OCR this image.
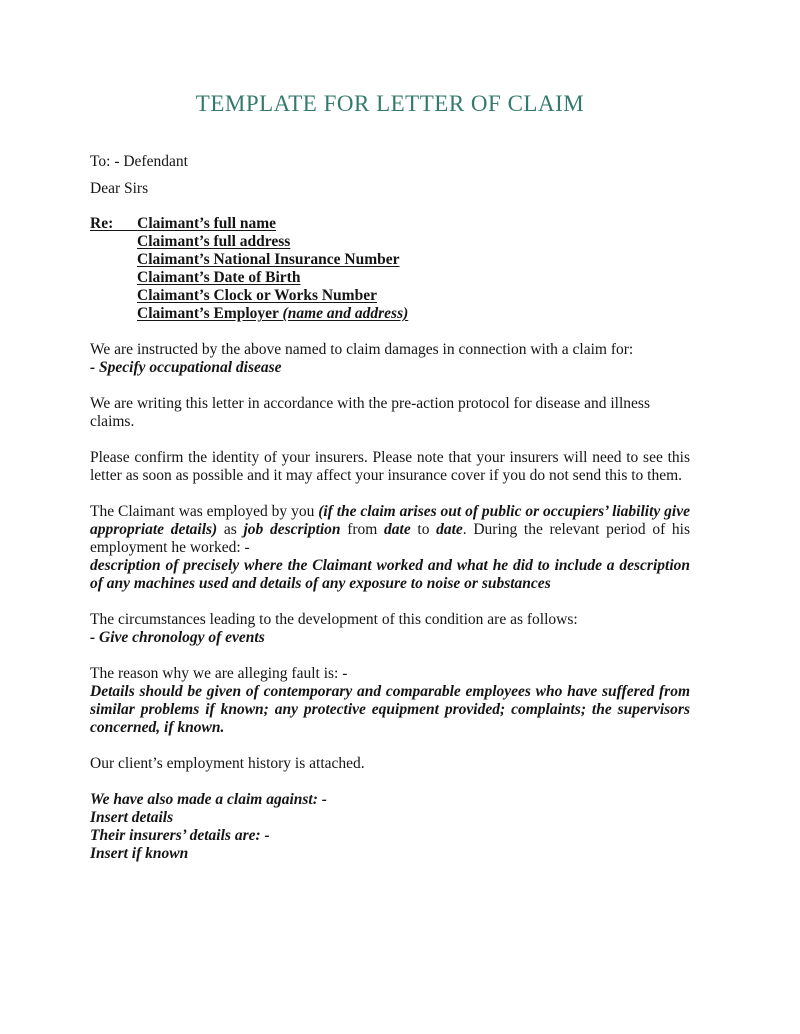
TEMPLATE FOR LETTER OF CLAIM
To: - Defendant
Dear Sirs
Re: Claimant’s full name
Claimant’s full address
Claimant’s National Insurance Number
Claimant’s Date of Birth
Claimant’s Clock or Works Number
Claimant’s Employer (name and address)

We are instructed by the above named to claim damages in connection with a claim for:
- Specify occupational disease

We are writing this letter in accordance with the pre-action protocol for disease and illness claims.

Please confirm the identity of your insurers. Please note that your insurers will need to see this letter as soon as possible and it may affect your insurance cover if you do not send this to them.

The Claimant was employed by you (if the claim arises out of public or occupiers’ liability give appropriate details) as job description from date to date. During the relevant period of his employment he worked: -
description of precisely where the Claimant worked and what he did to include a description of any machines used and details of any exposure to noise or substances

The circumstances leading to the development of this condition are as follows:
- Give chronology of events

The reason why we are alleging fault is: -
Details should be given of contemporary and comparable employees who have suffered from similar problems if known; any protective equipment provided; complaints; the supervisors concerned, if known.

Our client’s employment history is attached.

We have also made a claim against: -
Insert details
Their insurers’ details are: -
Insert if known
